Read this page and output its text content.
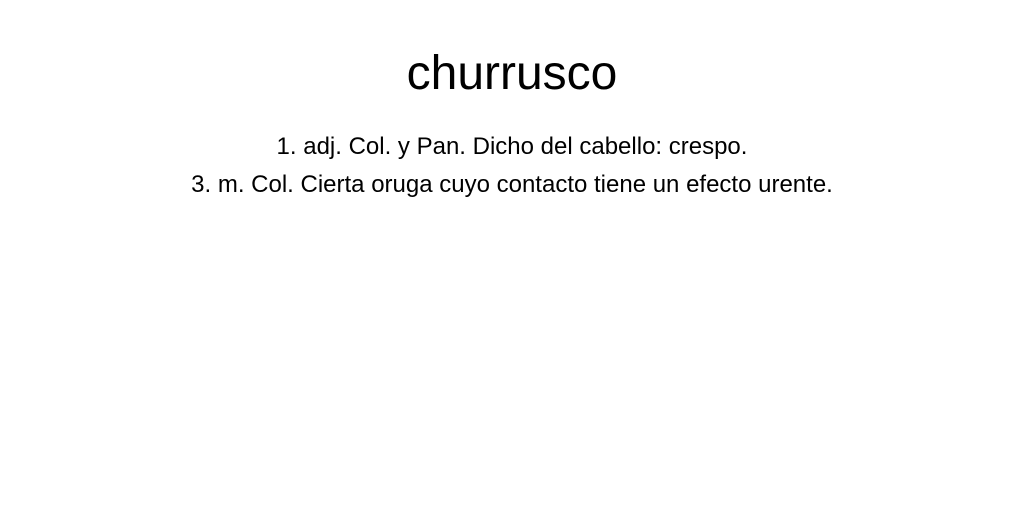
churrusco
1. adj. Col. y Pan. Dicho del cabello: crespo.
3. m. Col. Cierta oruga cuyo contacto tiene un efecto urente.
